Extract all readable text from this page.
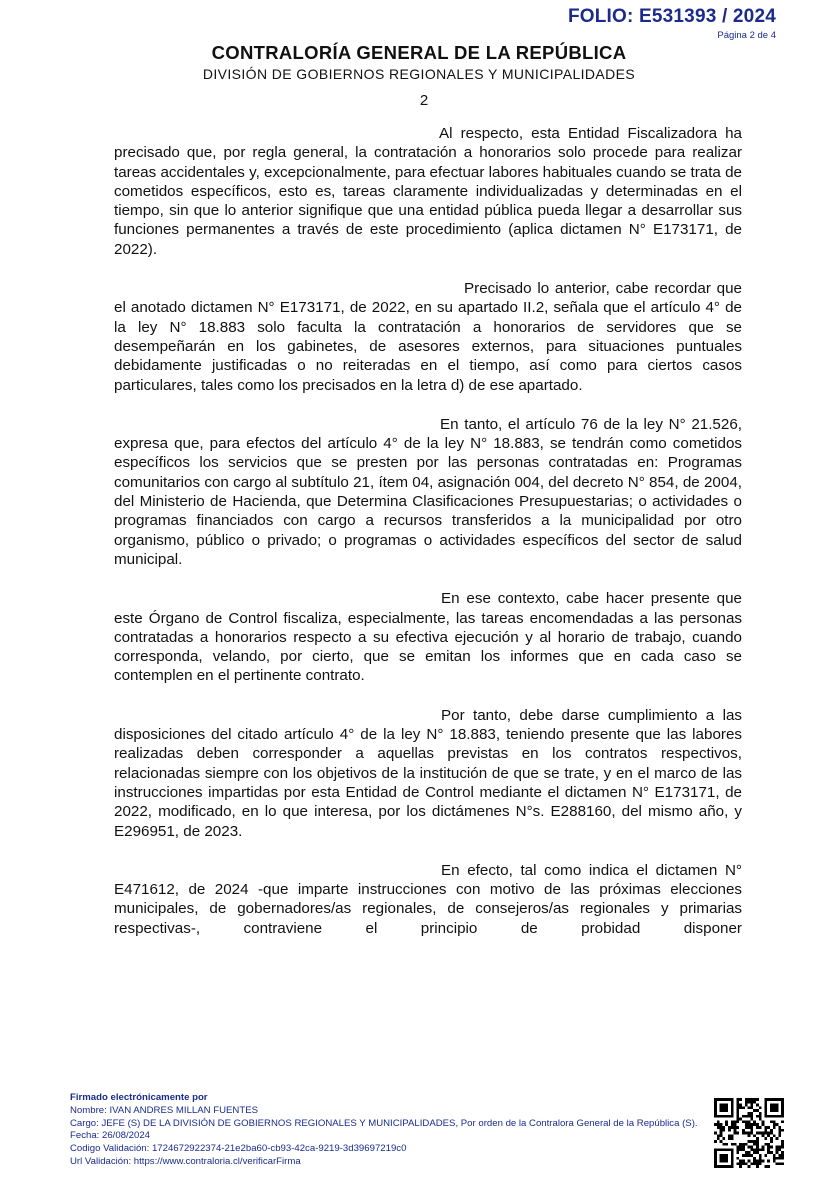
FOLIO: E531393 / 2024
Página 2 de 4
CONTRALORÍA GENERAL DE LA REPÚBLICA
DIVISIÓN DE GOBIERNOS REGIONALES Y MUNICIPALIDADES
2

Al respecto, esta Entidad Fiscalizadora ha precisado que, por regla general, la contratación a honorarios solo procede para realizar tareas accidentales y, excepcionalmente, para efectuar labores habituales cuando se trata de cometidos específicos, esto es, tareas claramente individualizadas y determinadas en el tiempo, sin que lo anterior signifique que una entidad pública pueda llegar a desarrollar sus funciones permanentes a través de este procedimiento (aplica dictamen N° E173171, de 2022).

Precisado lo anterior, cabe recordar que el anotado dictamen N° E173171, de 2022, en su apartado II.2, señala que el artículo 4° de la ley N° 18.883 solo faculta la contratación a honorarios de servidores que se desempeñarán en los gabinetes, de asesores externos, para situaciones puntuales debidamente justificadas o no reiteradas en el tiempo, así como para ciertos casos particulares, tales como los precisados en la letra d) de ese apartado.

En tanto, el artículo 76 de la ley N° 21.526, expresa que, para efectos del artículo 4° de la ley N° 18.883, se tendrán como cometidos específicos los servicios que se presten por las personas contratadas en: Programas comunitarios con cargo al subtítulo 21, ítem 04, asignación 004, del decreto N° 854, de 2004, del Ministerio de Hacienda, que Determina Clasificaciones Presupuestarias; o actividades o programas financiados con cargo a recursos transferidos a la municipalidad por otro organismo, público o privado; o programas o actividades específicos del sector de salud municipal.

En ese contexto, cabe hacer presente que este Órgano de Control fiscaliza, especialmente, las tareas encomendadas a las personas contratadas a honorarios respecto a su efectiva ejecución y al horario de trabajo, cuando corresponda, velando, por cierto, que se emitan los informes que en cada caso se contemplen en el pertinente contrato.

Por tanto, debe darse cumplimiento a las disposiciones del citado artículo 4° de la ley N° 18.883, teniendo presente que las labores realizadas deben corresponder a aquellas previstas en los contratos respectivos, relacionadas siempre con los objetivos de la institución de que se trate, y en el marco de las instrucciones impartidas por esta Entidad de Control mediante el dictamen N° E173171, de 2022, modificado, en lo que interesa, por los dictámenes N°s. E288160, del mismo año, y E296951, de 2023.

En efecto, tal como indica el dictamen N° E471612, de 2024 -que imparte instrucciones con motivo de las próximas elecciones municipales, de gobernadores/as regionales, de consejeros/as regionales y primarias respectivas-, contraviene el principio de probidad disponer

Firmado electrónicamente por
Nombre: IVAN ANDRES MILLAN FUENTES
Cargo: JEFE (S) DE LA DIVISIÓN DE GOBIERNOS REGIONALES Y MUNICIPALIDADES, Por orden de la Contralora General de la República (S).
Fecha: 26/08/2024
Codigo Validación: 1724672922374-21e2ba60-cb93-42ca-9219-3d39697219c0
Url Validación: https://www.contraloria.cl/verificarFirma
